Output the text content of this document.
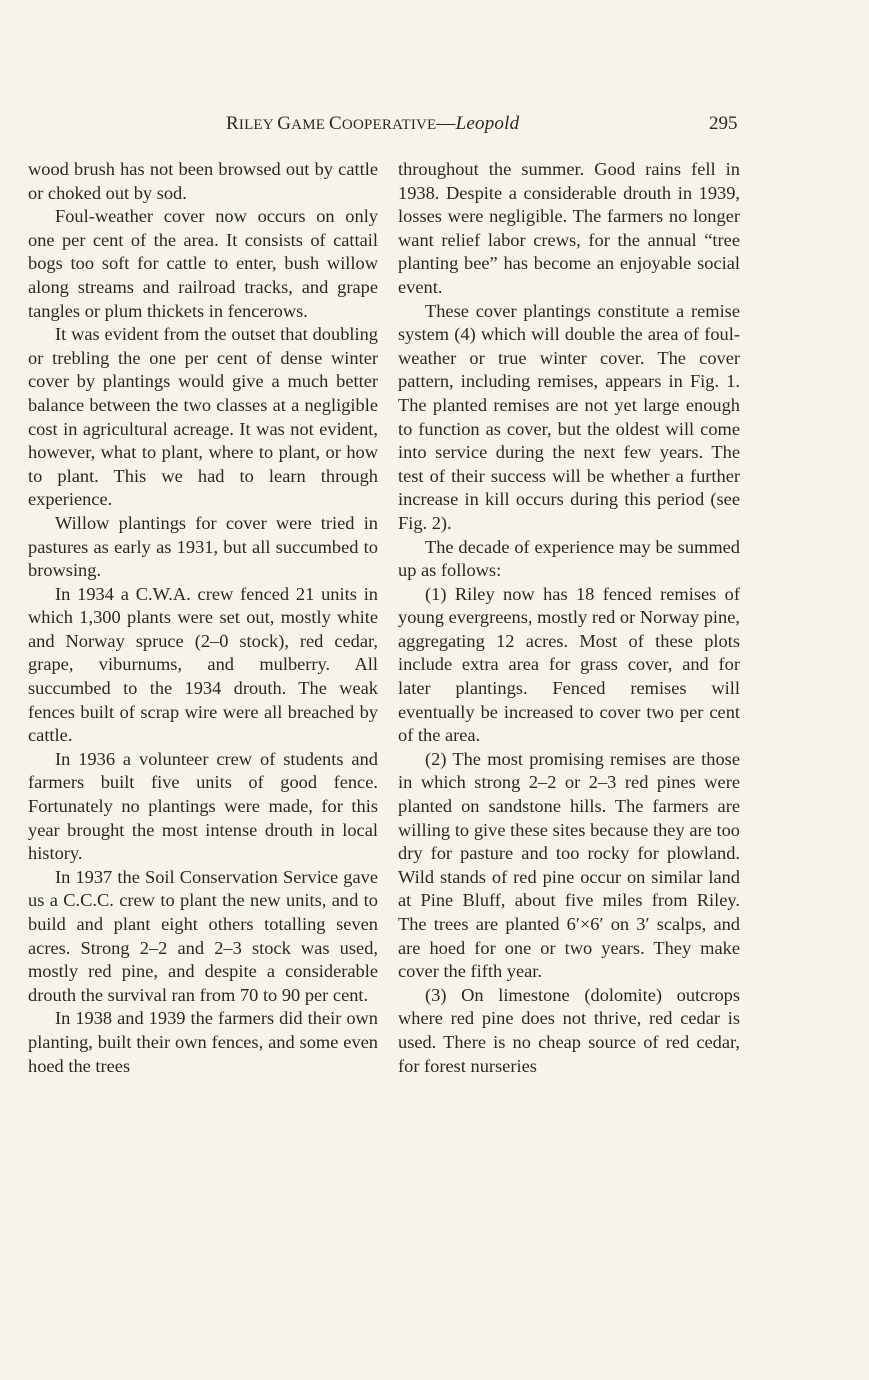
RILEY GAME COOPERATIVE—Leopold	295

wood brush has not been browsed out by cattle or choked out by sod.

Foul-weather cover now occurs on only one per cent of the area. It consists of cattail bogs too soft for cattle to enter, bush willow along streams and railroad tracks, and grape tangles or plum thickets in fencerows.

It was evident from the outset that doubling or trebling the one per cent of dense winter cover by plantings would give a much better balance between the two classes at a negligible cost in agricultural acreage. It was not evident, however, what to plant, where to plant, or how to plant. This we had to learn through experience.

Willow plantings for cover were tried in pastures as early as 1931, but all succumbed to browsing.

In 1934 a C.W.A. crew fenced 21 units in which 1,300 plants were set out, mostly white and Norway spruce (2–0 stock), red cedar, grape, viburnums, and mulberry. All succumbed to the 1934 drouth. The weak fences built of scrap wire were all breached by cattle.

In 1936 a volunteer crew of students and farmers built five units of good fence. Fortunately no plantings were made, for this year brought the most intense drouth in local history.

In 1937 the Soil Conservation Service gave us a C.C.C. crew to plant the new units, and to build and plant eight others totalling seven acres. Strong 2–2 and 2–3 stock was used, mostly red pine, and despite a considerable drouth the survival ran from 70 to 90 per cent.

In 1938 and 1939 the farmers did their own planting, built their own fences, and some even hoed the trees

throughout the summer. Good rains fell in 1938. Despite a considerable drouth in 1939, losses were negligible. The farmers no longer want relief labor crews, for the annual “tree planting bee” has become an enjoyable social event.

These cover plantings constitute a remise system (4) which will double the area of foul-weather or true winter cover. The cover pattern, including remises, appears in Fig. 1. The planted remises are not yet large enough to function as cover, but the oldest will come into service during the next few years. The test of their success will be whether a further increase in kill occurs during this period (see Fig. 2).

The decade of experience may be summed up as follows:

(1) Riley now has 18 fenced remises of young evergreens, mostly red or Norway pine, aggregating 12 acres. Most of these plots include extra area for grass cover, and for later plantings. Fenced remises will eventually be increased to cover two per cent of the area.

(2) The most promising remises are those in which strong 2–2 or 2–3 red pines were planted on sandstone hills. The farmers are willing to give these sites because they are too dry for pasture and too rocky for plowland. Wild stands of red pine occur on similar land at Pine Bluff, about five miles from Riley. The trees are planted 6′×6′ on 3′ scalps, and are hoed for one or two years. They make cover the fifth year.

(3) On limestone (dolomite) outcrops where red pine does not thrive, red cedar is used. There is no cheap source of red cedar, for forest nurseries
